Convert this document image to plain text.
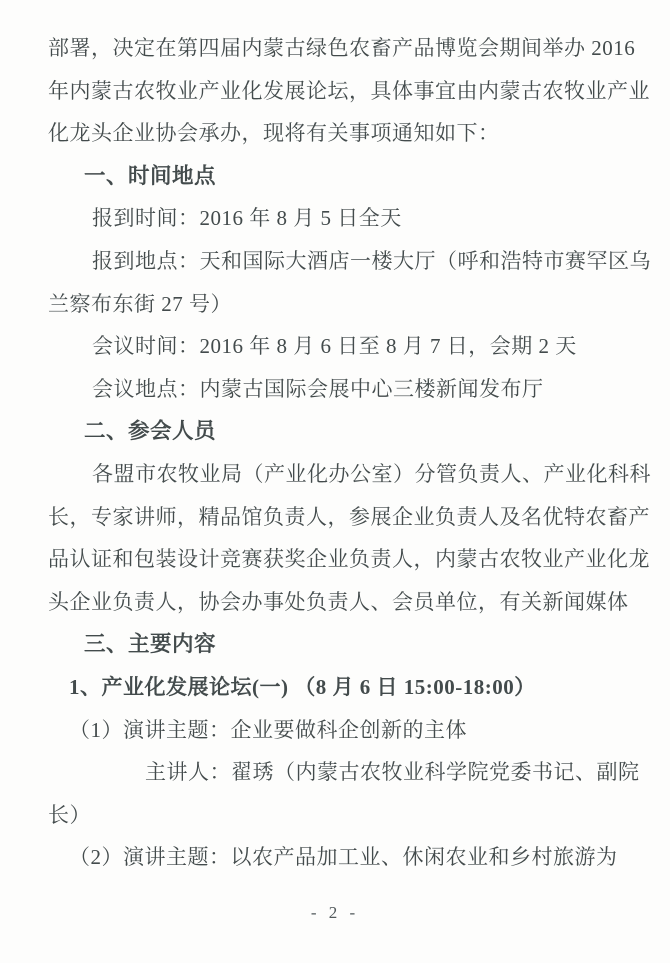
部署，决定在第四届内蒙古绿色农畜产品博览会期间举办 2016
年内蒙古农牧业产业化发展论坛，具体事宜由内蒙古农牧业产业
化龙头企业协会承办，现将有关事项通知如下：
一、时间地点
报到时间：2016 年 8 月 5 日全天
报到地点：天和国际大酒店一楼大厅（呼和浩特市赛罕区乌
兰察布东街 27 号）
会议时间：2016 年 8 月 6 日至 8 月 7 日，会期 2 天
会议地点：内蒙古国际会展中心三楼新闻发布厅
二、参会人员
各盟市农牧业局（产业化办公室）分管负责人、产业化科科
长，专家讲师，精品馆负责人，参展企业负责人及名优特农畜产
品认证和包装设计竞赛获奖企业负责人，内蒙古农牧业产业化龙
头企业负责人，协会办事处负责人、会员单位，有关新闻媒体
三、主要内容
1、产业化发展论坛(一) （8 月 6 日 15:00-18:00）
（1）演讲主题：企业要做科企创新的主体
主讲人：翟琇（内蒙古农牧业科学院党委书记、副院
长）
（2）演讲主题：以农产品加工业、休闲农业和乡村旅游为
- 2 -
